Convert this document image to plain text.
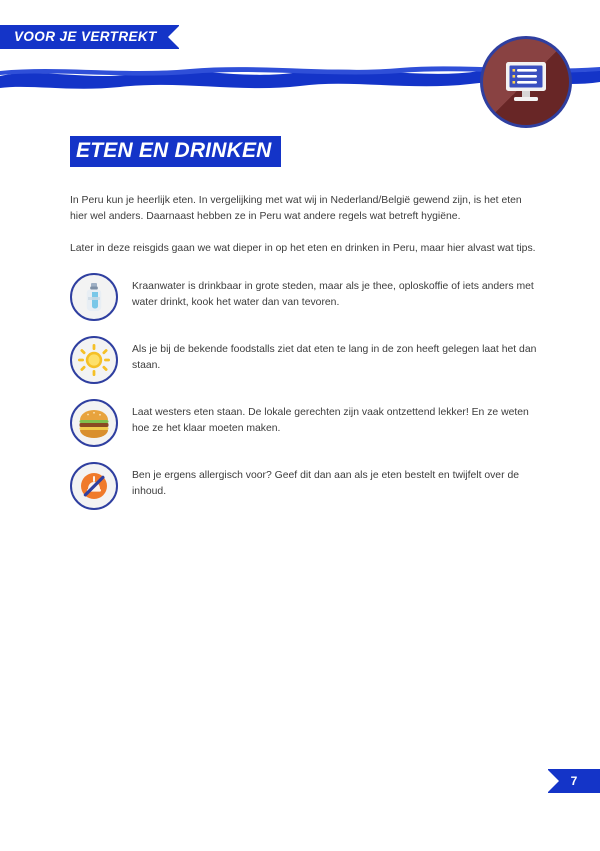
VOOR JE VERTREKT
ETEN EN DRINKEN

In Peru kun je heerlijk eten. In vergelijking met wat wij in Nederland/België gewend zijn, is het eten hier wel anders. Daarnaast hebben ze in Peru wat andere regels wat betreft hygiëne.

Later in deze reisgids gaan we wat dieper in op het eten en drinken in Peru, maar hier alvast wat tips.

Kraanwater is drinkbaar in grote steden, maar als je thee, oploskoffie of iets anders met water drinkt, kook het water dan van tevoren.
Als je bij de bekende foodstalls ziet dat eten te lang in de zon heeft gelegen laat het dan staan.
Laat westers eten staan. De lokale gerechten zijn vaak ontzettend lekker! En ze weten hoe ze het klaar moeten maken.
Ben je ergens allergisch voor? Geef dit dan aan als je eten bestelt en twijfelt over de inhoud.
7
